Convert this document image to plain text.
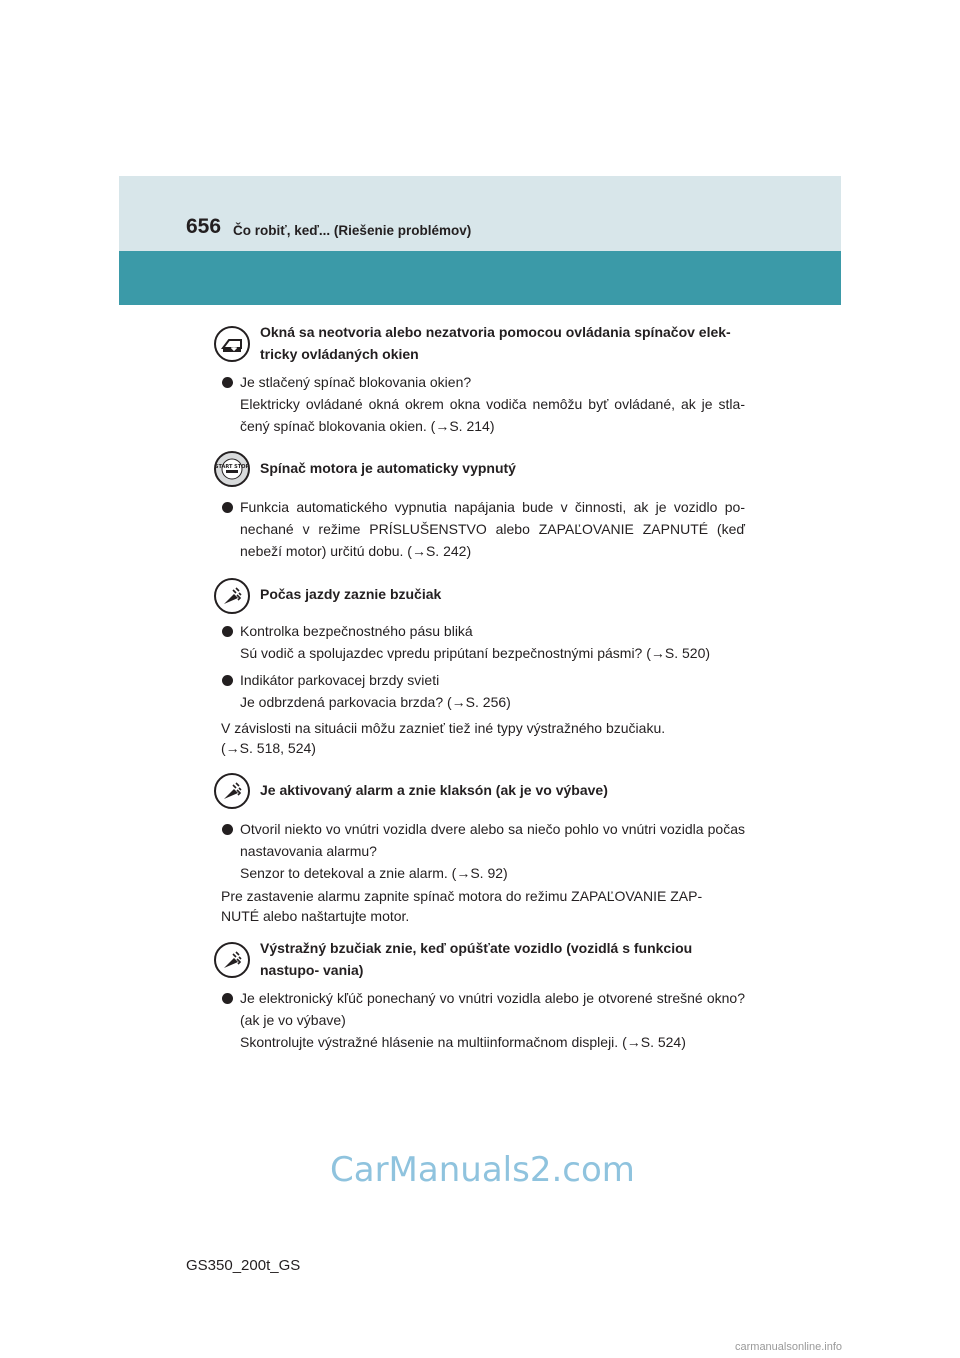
656 Čo robiť, keď... (Riešenie problémov)
Okná sa neotvoria alebo nezatvoria pomocou ovládania spínačov elek- tricky ovládaných okien
Je stlačený spínač blokovania okien?
Elektricky ovládané okná okrem okna vodiča nemôžu byť ovládané, ak je stla- čený spínač blokovania okien. (→S. 214)
START STOP Spínač motora je automaticky vypnutý
Funkcia automatického vypnutia napájania bude v činnosti, ak je vozidlo po- nechané v režime PRÍSLUŠENSTVO alebo ZAPAĽOVANIE ZAPNUTÉ (keď nebeží motor) určitú dobu. (→S. 242)
Počas jazdy zaznie bzučiak
Kontrolka bezpečnostného pásu bliká
Sú vodič a spolujazdec vpredu pripútaní bezpečnostnými pásmi? (→S. 520)
Indikátor parkovacej brzdy svieti
Je odbrzdená parkovacia brzda? (→S. 256)
V závislosti na situácii môžu zaznieť tiež iné typy výstražného bzučiaku.
(→S. 518, 524)
Je aktivovaný alarm a znie klaksón (ak je vo výbave)
Otvoril niekto vo vnútri vozidla dvere alebo sa niečo pohlo vo vnútri vozidla počas nastavovania alarmu?
Senzor to detekoval a znie alarm. (→S. 92)
Pre zastavenie alarmu zapnite spínač motora do režimu ZAPAĽOVANIE ZAP-
NUTÉ alebo naštartujte motor.
Výstražný bzučiak znie, keď opúšťate vozidlo (vozidlá s funkciou nastupo- vania)
Je elektronický kľúč ponechaný vo vnútri vozidla alebo je otvorené strešné okno? (ak je vo výbave)
Skontrolujte výstražné hlásenie na multiinformačnom displeji. (→S. 524)
CarManuals2.com
GS350_200t_GS
carmanualsonline.info
